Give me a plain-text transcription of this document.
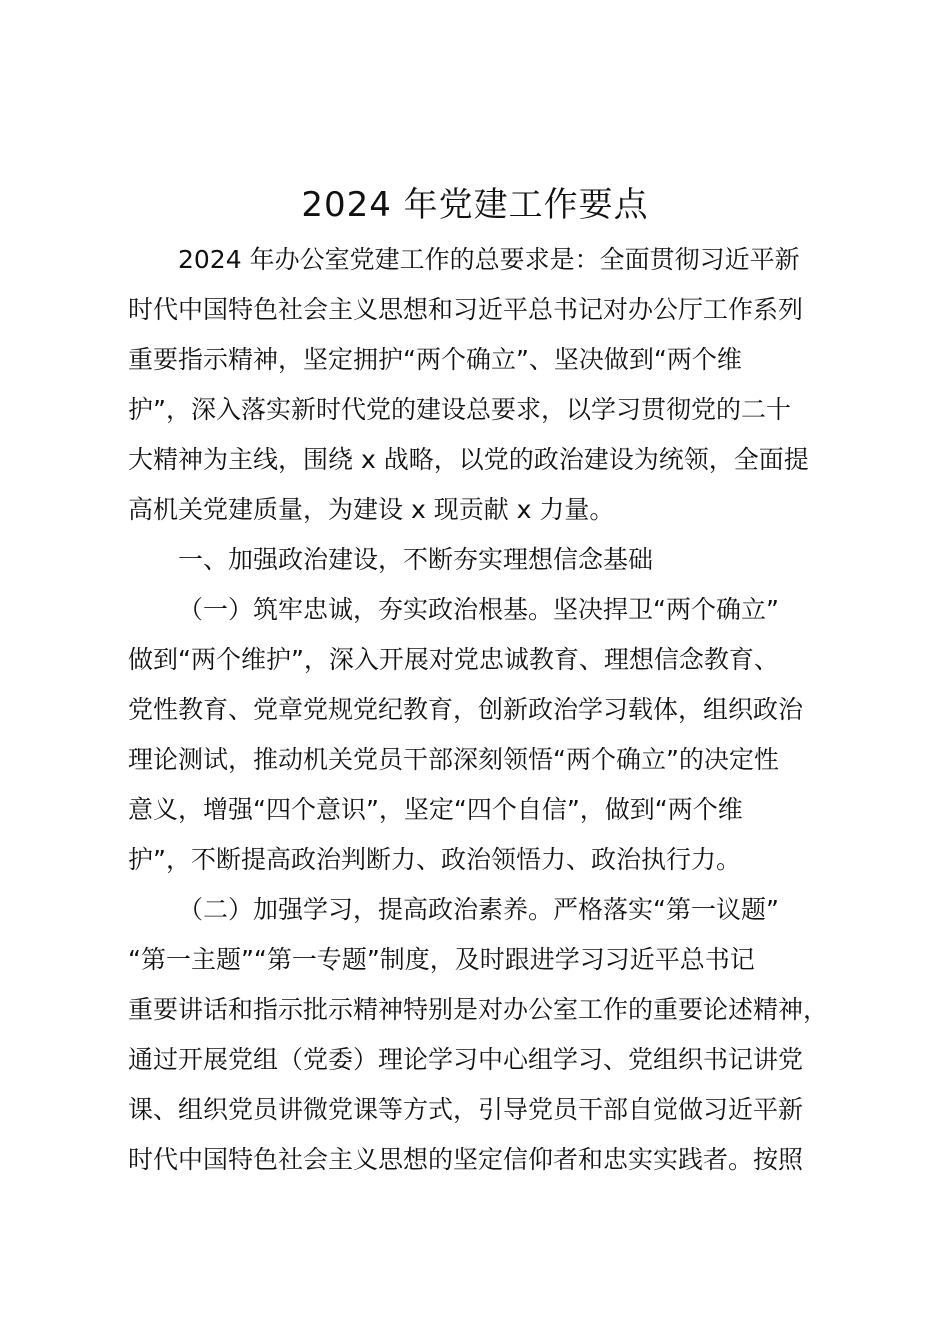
2024 年党建工作要点
2024 年办公室党建工作的总要求是：全面贯彻习近平新
时代中国特色社会主义思想和习近平总书记对办公厅工作系列
重要指示精神，坚定拥护“两个确立”、坚决做到“两个维
护”，深入落实新时代党的建设总要求，以学习贯彻党的二十
大精神为主线，围绕 x 战略，以党的政治建设为统领，全面提
高机关党建质量，为建设 x 现贡献 x 力量。
一、加强政治建设，不断夯实理想信念基础
（一）筑牢忠诚，夯实政治根基。坚决捍卫“两个确立”
做到“两个维护”，深入开展对党忠诚教育、理想信念教育、
党性教育、党章党规党纪教育，创新政治学习载体，组织政治
理论测试，推动机关党员干部深刻领悟“两个确立”的决定性
意义，增强“四个意识”，坚定“四个自信”，做到“两个维
护”，不断提高政治判断力、政治领悟力、政治执行力。
（二）加强学习，提高政治素养。严格落实“第一议题”
“第一主题”“第一专题”制度，及时跟进学习习近平总书记
重要讲话和指示批示精神特别是对办公室工作的重要论述精神，
通过开展党组（党委）理论学习中心组学习、党组织书记讲党
课、组织党员讲微党课等方式，引导党员干部自觉做习近平新
时代中国特色社会主义思想的坚定信仰者和忠实实践者。按照
